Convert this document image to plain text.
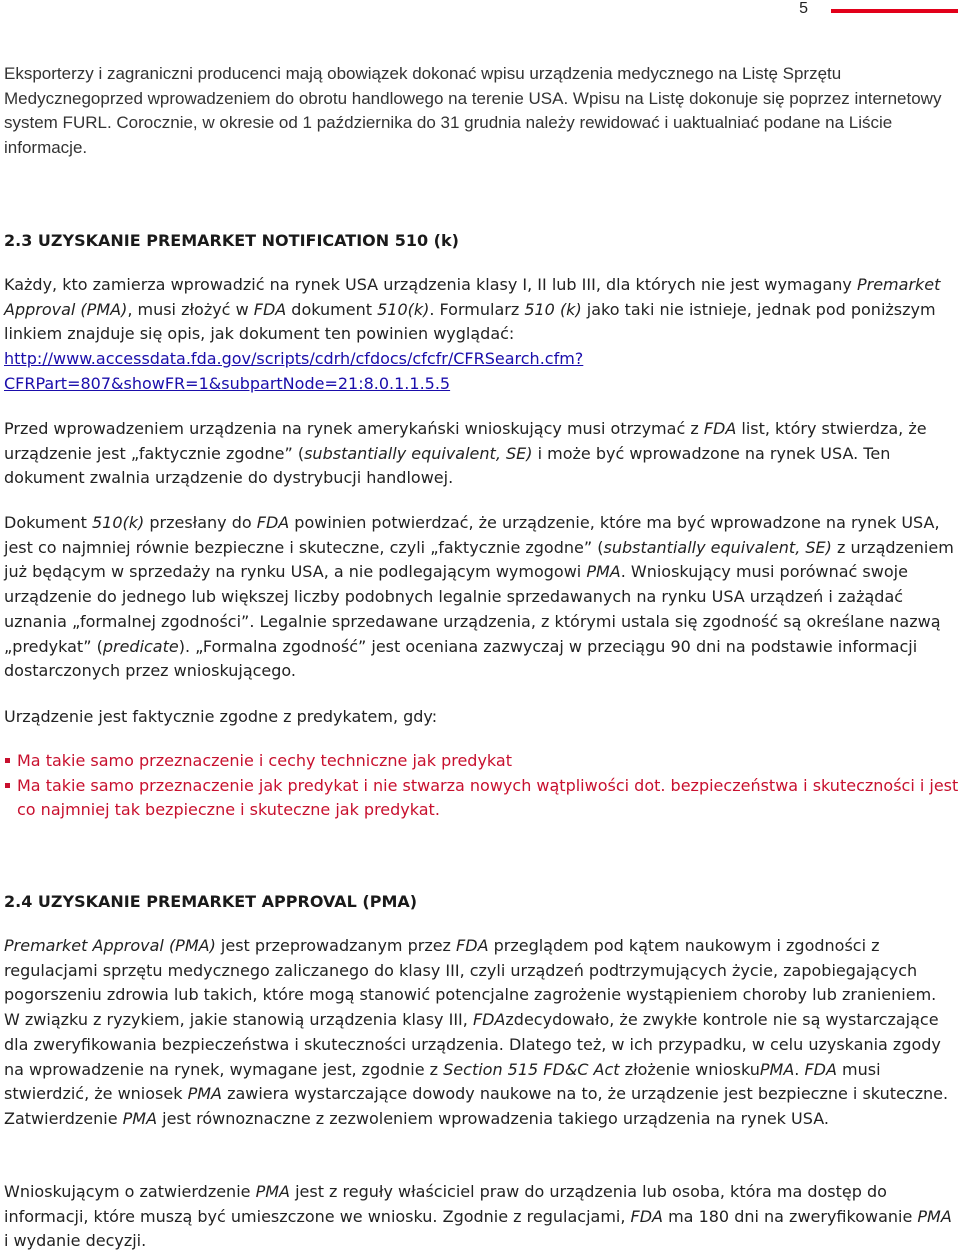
5

Eksporterzy i zagraniczni producenci mają obowiązek dokonać wpisu urządzenia medycznego na Listę Sprzętu Medycznegoprzed wprowadzeniem do obrotu handlowego na terenie USA. Wpisu na Listę dokonuje się poprzez internetowy system FURL. Corocznie, w okresie od 1 października do 31 grudnia należy rewidować i uaktualniać podane na Liście informacje.

2.3 UZYSKANIE PREMARKET NOTIFICATION 510 (k)

Każdy, kto zamierza wprowadzić na rynek USA urządzenia klasy I, II lub III, dla których nie jest wymagany Premarket Approval (PMA), musi złożyć w FDA dokument 510(k). Formularz 510 (k) jako taki nie istnieje, jednak pod poniższym linkiem znajduje się opis, jak dokument ten powinien wyglądać: http://www.accessdata.fda.gov/scripts/cdrh/cfdocs/cfcfr/CFRSearch.cfm?CFRPart=807&showFR=1&subpartNode=21:8.0.1.1.5.5

Przed wprowadzeniem urządzenia na rynek amerykański wnioskujący musi otrzymać z FDA list, który stwierdza, że urządzenie jest „faktycznie zgodne” (substantially equivalent, SE) i może być wprowadzone na rynek USA. Ten dokument zwalnia urządzenie do dystrybucji handlowej.

Dokument 510(k) przesłany do FDA powinien potwierdzać, że urządzenie, które ma być wprowadzone na rynek USA, jest co najmniej równie bezpieczne i skuteczne, czyli „faktycznie zgodne” (substantially equivalent, SE) z urządzeniem już będącym w sprzedaży na rynku USA, a nie podlegającym wymogowi PMA. Wnioskujący musi porównać swoje urządzenie do jednego lub większej liczby podobnych legalnie sprzedawanych na rynku USA urządzeń i zażądać uznania „formalnej zgodności”. Legalnie sprzedawane urządzenia, z którymi ustala się zgodność są określane nazwą „predykat” (predicate). „Formalna zgodność” jest oceniana zazwyczaj w przeciągu 90 dni na podstawie informacji dostarczonych przez wnioskującego.

Urządzenie jest faktycznie zgodne z predykatem, gdy:

Ma takie samo przeznaczenie i cechy techniczne jak predykat
Ma takie samo przeznaczenie jak predykat i nie stwarza nowych wątpliwości dot. bezpieczeństwa i skuteczności i jest co najmniej tak bezpieczne i skuteczne jak predykat.
2.4 UZYSKANIE PREMARKET APPROVAL (PMA)

Premarket Approval (PMA) jest przeprowadzanym przez FDA przeglądem pod kątem naukowym i zgodności z regulacjami sprzętu medycznego zaliczanego do klasy III, czyli urządzeń podtrzymujących życie, zapobiegających pogorszeniu zdrowia lub takich, które mogą stanowić potencjalne zagrożenie wystąpieniem choroby lub zranieniem. W związku z ryzykiem, jakie stanowią urządzenia klasy III, FDAzdecydowało, że zwykłe kontrole nie są wystarczające dla zweryfikowania bezpieczeństwa i skuteczności urządzenia. Dlatego też, w ich przypadku, w celu uzyskania zgody na wprowadzenie na rynek, wymagane jest, zgodnie z Section 515 FD&C Act złożenie wnioskuPMA. FDA musi stwierdzić, że wniosek PMA zawiera wystarczające dowody naukowe na to, że urządzenie jest bezpieczne i skuteczne. Zatwierdzenie PMA jest równoznaczne z zezwoleniem wprowadzenia takiego urządzenia na rynek USA.

Wnioskującym o zatwierdzenie PMA jest z reguły właściciel praw do urządzenia lub osoba, która ma dostęp do informacji, które muszą być umieszczone we wniosku. Zgodnie z regulacjami, FDA ma 180 dni na zweryfikowanie PMA i wydanie decyzji.
